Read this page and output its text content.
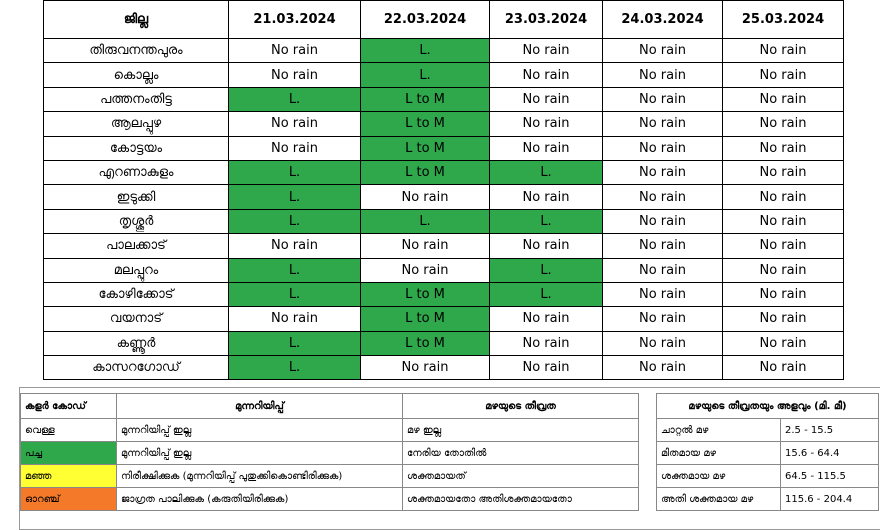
ജില്ല	21.03.2024	22.03.2024	23.03.2024	24.03.2024	25.03.2024
തിരുവനന്തപുരം	No rain	L.	No rain	No rain	No rain
കൊല്ലം	No rain	L.	No rain	No rain	No rain
പത്തനംതിട്ട	L.	L to M	No rain	No rain	No rain
ആലപ്പുഴ	No rain	L to M	No rain	No rain	No rain
കോട്ടയം	No rain	L to M	No rain	No rain	No rain
എറണാകുളം	L.	L to M	L.	No rain	No rain
ഇടുക്കി	L.	No rain	No rain	No rain	No rain
തൃശ്ശൂർ	L.	L.	L.	No rain	No rain
പാലക്കാട്	No rain	No rain	No rain	No rain	No rain
മലപ്പുറം	L.	No rain	L.	No rain	No rain
കോഴിക്കോട്	L.	L to M	L.	No rain	No rain
വയനാട്	No rain	L to M	No rain	No rain	No rain
കണ്ണൂർ	L.	L to M	No rain	No rain	No rain
കാസറഗോഡ്	L.	No rain	No rain	No rain	No rain
കളർ കോഡ്	മുന്നറിയിപ്പ്	മഴയുടെ തീവ്രത
വെള്ള	മുന്നറിയിപ്പ് ഇല്ല	മഴ ഇല്ല
പച്ച	മുന്നറിയിപ്പ് ഇല്ല	നേരിയ തോതിൽ
മഞ്ഞ	നിരീക്ഷിക്കുക (മുന്നറിയിപ്പ് പുതുക്കികൊണ്ടിരിക്കുക)	ശക്തമായത്
ഓറഞ്ച്	ജാഗ്രത പാലിക്കുക (കരുതിയിരിക്കുക)	ശക്തമായതോ അതിശക്തമായതോ
മഴയുടെ തീവ്രതയും അളവും (മി. മീ)	
ചാറ്റൽ മഴ	2.5 - 15.5
മിതമായ മഴ	15.6 - 64.4
ശക്തമായ മഴ	64.5 - 115.5
അതി ശക്തമായ മഴ	115.6 - 204.4
